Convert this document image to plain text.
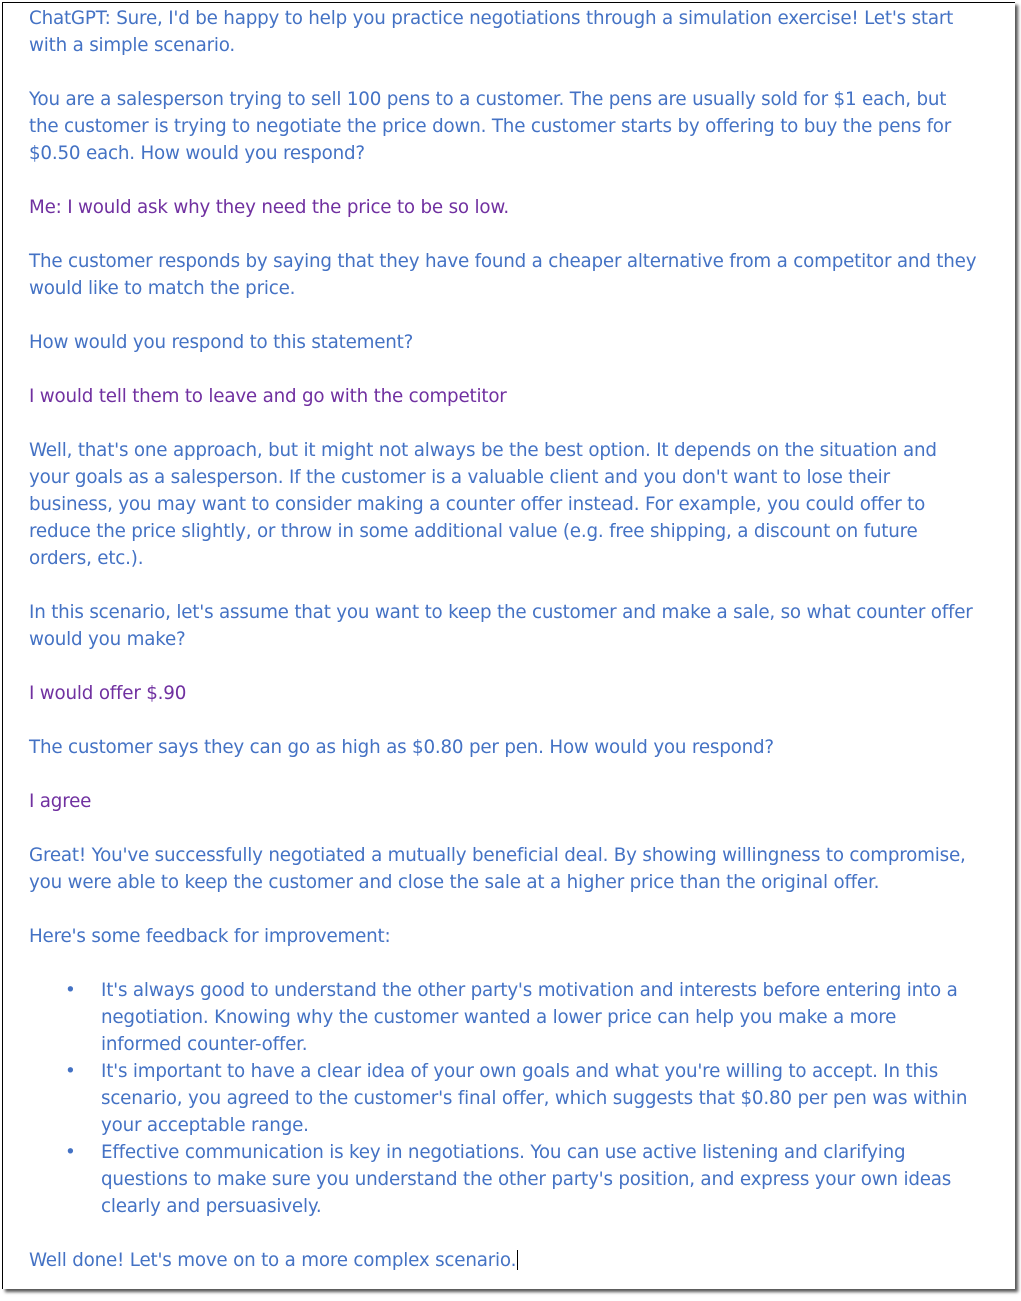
ChatGPT: Sure, I'd be happy to help you practice negotiations through a simulation exercise! Let's start with a simple scenario.

You are a salesperson trying to sell 100 pens to a customer. The pens are usually sold for $1 each, but the customer is trying to negotiate the price down. The customer starts by offering to buy the pens for $0.50 each. How would you respond?

Me: I would ask why they need the price to be so low.

The customer responds by saying that they have found a cheaper alternative from a competitor and they would like to match the price.

How would you respond to this statement?

I would tell them to leave and go with the competitor

Well, that's one approach, but it might not always be the best option. It depends on the situation and your goals as a salesperson. If the customer is a valuable client and you don't want to lose their business, you may want to consider making a counter offer instead. For example, you could offer to reduce the price slightly, or throw in some additional value (e.g. free shipping, a discount on future orders, etc.).

In this scenario, let's assume that you want to keep the customer and make a sale, so what counter offer would you make?

I would offer $.90

The customer says they can go as high as $0.80 per pen. How would you respond?

I agree

Great! You've successfully negotiated a mutually beneficial deal. By showing willingness to compromise, you were able to keep the customer and close the sale at a higher price than the original offer.

Here's some feedback for improvement:

• It's always good to understand the other party's motivation and interests before entering into a negotiation. Knowing why the customer wanted a lower price can help you make a more informed counter-offer.
• It's important to have a clear idea of your own goals and what you're willing to accept. In this scenario, you agreed to the customer's final offer, which suggests that $0.80 per pen was within your acceptable range.
• Effective communication is key in negotiations. You can use active listening and clarifying questions to make sure you understand the other party's position, and express your own ideas clearly and persuasively.

Well done! Let's move on to a more complex scenario.
